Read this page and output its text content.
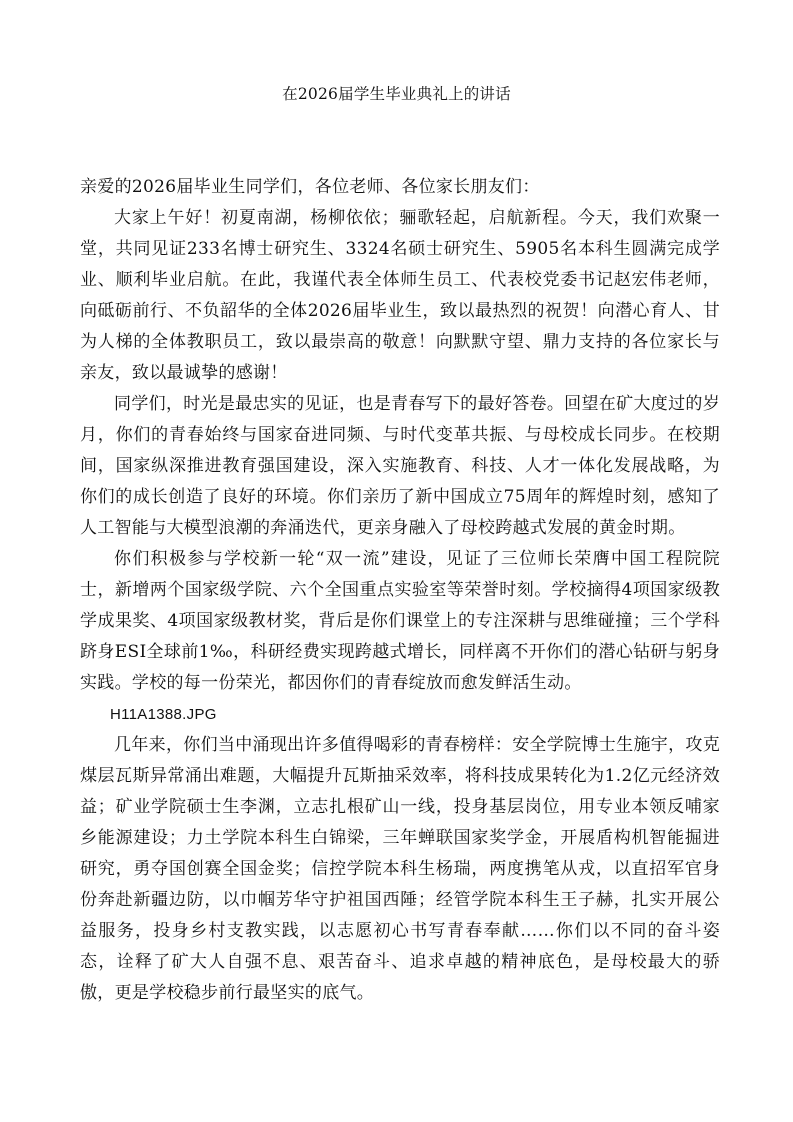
在2026届学生毕业典礼上的讲话

亲爱的2026届毕业生同学们，各位老师、各位家长朋友们：

大家上午好！初夏南湖，杨柳依依；骊歌轻起，启航新程。今天，我们欢聚一堂，共同见证233名博士研究生、3324名硕士研究生、5905名本科生圆满完成学业、顺利毕业启航。在此，我谨代表全体师生员工、代表校党委书记赵宏伟老师，向砥砺前行、不负韶华的全体2026届毕业生，致以最热烈的祝贺！向潜心育人、甘为人梯的全体教职员工，致以最崇高的敬意！向默默守望、鼎力支持的各位家长与亲友，致以最诚挚的感谢！

同学们，时光是最忠实的见证，也是青春写下的最好答卷。回望在矿大度过的岁月，你们的青春始终与国家奋进同频、与时代变革共振、与母校成长同步。在校期间，国家纵深推进教育强国建设，深入实施教育、科技、人才一体化发展战略，为你们的成长创造了良好的环境。你们亲历了新中国成立75周年的辉煌时刻，感知了人工智能与大模型浪潮的奔涌迭代，更亲身融入了母校跨越式发展的黄金时期。

你们积极参与学校新一轮“双一流”建设，见证了三位师长荣膺中国工程院院士，新增两个国家级学院、六个全国重点实验室等荣誉时刻。学校摘得4项国家级教学成果奖、4项国家级教材奖，背后是你们课堂上的专注深耕与思维碰撞；三个学科跻身ESI全球前1‰，科研经费实现跨越式增长，同样离不开你们的潜心钻研与躬身实践。学校的每一份荣光，都因你们的青春绽放而愈发鲜活生动。

H11A1388.JPG

几年来，你们当中涌现出许多值得喝彩的青春榜样：安全学院博士生施宇，攻克煤层瓦斯异常涌出难题，大幅提升瓦斯抽采效率，将科技成果转化为1.2亿元经济效益；矿业学院硕士生李渊，立志扎根矿山一线，投身基层岗位，用专业本领反哺家乡能源建设；力土学院本科生白锦梁，三年蝉联国家奖学金，开展盾构机智能掘进研究，勇夺国创赛全国金奖；信控学院本科生杨瑞，两度携笔从戎，以直招军官身份奔赴新疆边防，以巾帼芳华守护祖国西陲；经管学院本科生王子赫，扎实开展公益服务，投身乡村支教实践，以志愿初心书写青春奉献……你们以不同的奋斗姿态，诠释了矿大人自强不息、艰苦奋斗、追求卓越的精神底色，是母校最大的骄傲，更是学校稳步前行最坚实的底气。
